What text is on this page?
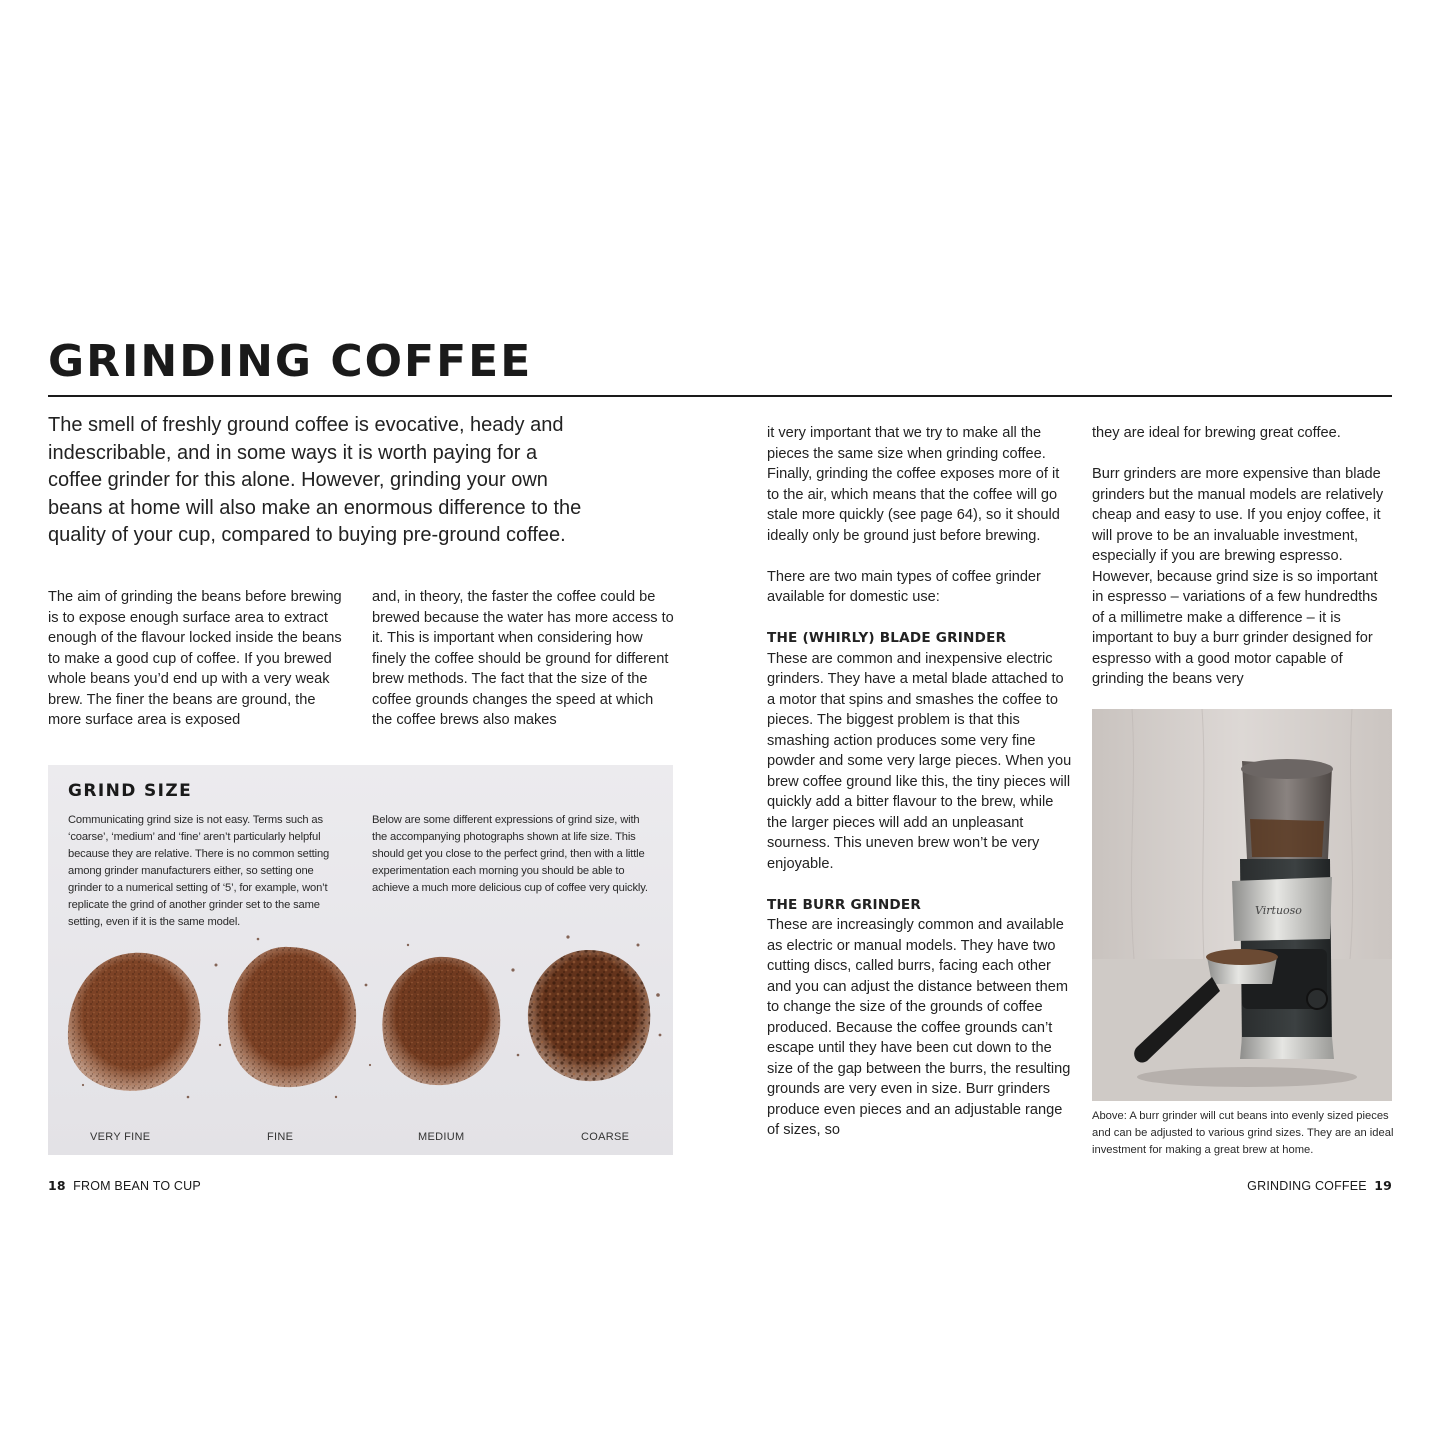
GRINDING COFFEE

The smell of freshly ground coffee is evocative, heady and indescribable, and in some ways it is worth paying for a coffee grinder for this alone. However, grinding your own beans at home will also make an enormous difference to the quality of your cup, compared to buying pre-ground coffee.

The aim of grinding the beans before brewing is to expose enough surface area to extract enough of the flavour locked inside the beans to make a good cup of coffee. If you brewed whole beans you’d end up with a very weak brew. The finer the beans are ground, the more surface area is exposed

and, in theory, the faster the coffee could be brewed because the water has more access to it. This is important when considering how finely the coffee should be ground for different brew methods. The fact that the size of the coffee grounds changes the speed at which the coffee brews also makes

it very important that we try to make all the pieces the same size when grinding coffee. Finally, grinding the coffee exposes more of it to the air, which means that the coffee will go stale more quickly (see page 64), so it should ideally only be ground just before brewing.

There are two main types of coffee grinder available for domestic use:

THE (WHIRLY) BLADE GRINDER

These are common and inexpensive electric grinders. They have a metal blade attached to a motor that spins and smashes the coffee to pieces. The biggest problem is that this smashing action produces some very fine powder and some very large pieces. When you brew coffee ground like this, the tiny pieces will quickly add a bitter flavour to the brew, while the larger pieces will add an unpleasant sourness. This uneven brew won’t be very enjoyable.

THE BURR GRINDER

These are increasingly common and available as electric or manual models. They have two cutting discs, called burrs, facing each other and you can adjust the distance between them to change the size of the grounds of coffee produced. Because the coffee grounds can’t escape until they have been cut down to the size of the gap between the burrs, the resulting grounds are very even in size. Burr grinders produce even pieces and an adjustable range of sizes, so

they are ideal for brewing great coffee.

Burr grinders are more expensive than blade grinders but the manual models are relatively cheap and easy to use. If you enjoy coffee, it will prove to be an invaluable investment, especially if you are brewing espresso. However, because grind size is so important in espresso – variations of a few hundredths of a millimetre make a difference – it is important to buy a burr grinder designed for espresso with a good motor capable of grinding the beans very

GRIND SIZE

Communicating grind size is not easy. Terms such as ‘coarse’, ‘medium’ and ‘fine’ aren’t particularly helpful because they are relative. There is no common setting among grinder manufacturers either, so setting one grinder to a numerical setting of ‘5’, for example, won’t replicate the grind of another grinder set to the same setting, even if it is the same model.

Below are some different expressions of grind size, with the accompanying photographs shown at life size. This should get you close to the perfect grind, then with a little experimentation each morning you should be able to achieve a much more delicious cup of coffee very quickly.

VERY FINE	FINE	MEDIUM	COARSE
Virtuoso

Above: A burr grinder will cut beans into evenly sized pieces and can be adjusted to various grind sizes. They are an ideal investment for making a great brew at home.

18 FROM BEAN TO CUP	GRINDING COFFEE 19
